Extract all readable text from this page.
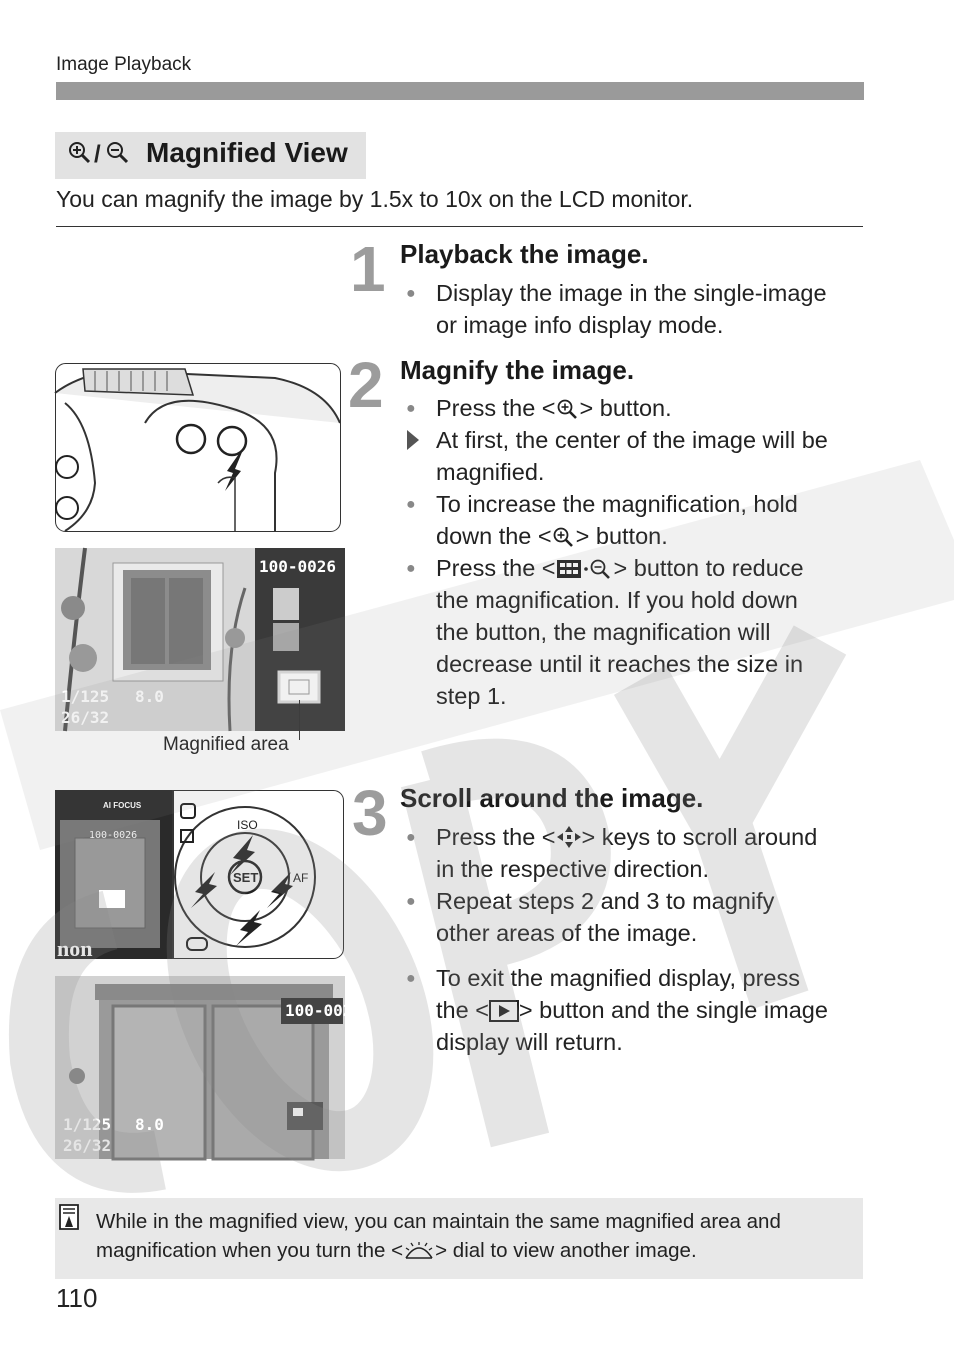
Image Playback
/ Magnified View
You can magnify the image by 1.5x to 10x on the LCD monitor.
1 Playback the image.
● Display the image in the single-image
or image info display mode.
2 Magnify the image.
● Press the < > button.
At first, the center of the image will be
magnified.
● To increase the magnification, hold
down the < > button.
● Press the < > button to reduce
the magnification. If you hold down
the button, the magnification will
decrease until it reaches the size in
step 1.
3 Scroll around the image.
● Press the < > keys to scroll around
in the respective direction.
● Repeat steps 2 and 3 to magnify
other areas of the image.
● To exit the magnified display, press
the < > button and the single image
display will return.
100-0026
1/125 8.0
26/32
Magnified area
AI FOCUS
100-0026
non
SET
ISO
AF
100-0026
1/125 8.0
26/32
While in the magnified view, you can maintain the same magnified area and
magnification when you turn the < > dial to view another image.
110
